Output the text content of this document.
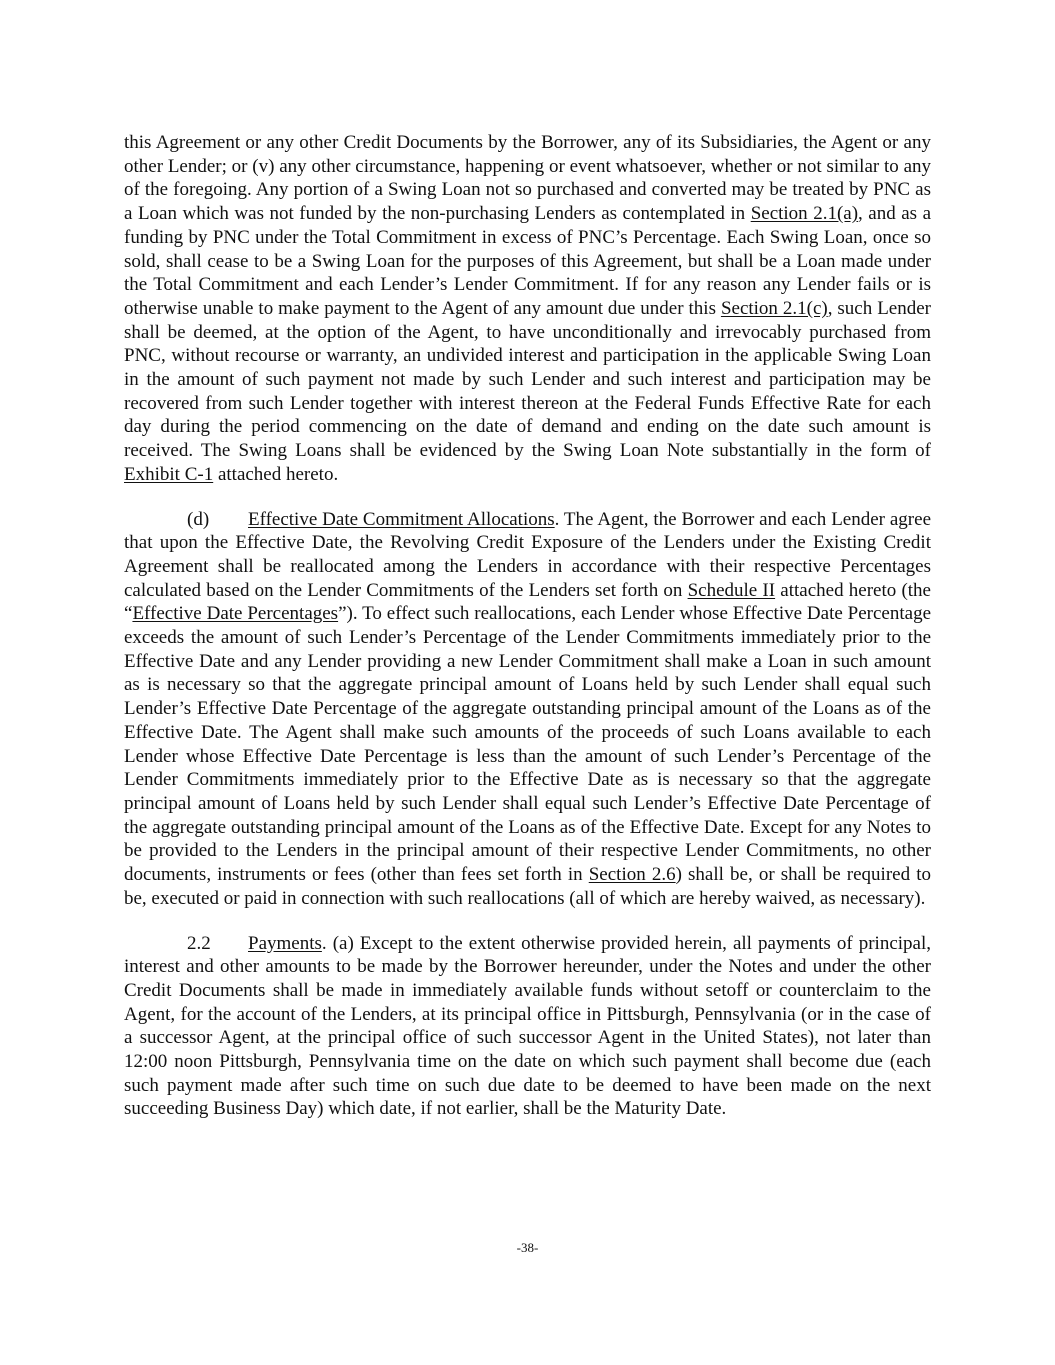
this Agreement or any other Credit Documents by the Borrower, any of its Subsidiaries, the Agent or any other Lender; or (v) any other circumstance, happening or event whatsoever, whether or not similar to any of the foregoing. Any portion of a Swing Loan not so purchased and converted may be treated by PNC as a Loan which was not funded by the non-purchasing Lenders as contemplated in Section 2.1(a), and as a funding by PNC under the Total Commitment in excess of PNC’s Percentage. Each Swing Loan, once so sold, shall cease to be a Swing Loan for the purposes of this Agreement, but shall be a Loan made under the Total Commitment and each Lender’s Lender Commitment. If for any reason any Lender fails or is otherwise unable to make payment to the Agent of any amount due under this Section 2.1(c), such Lender shall be deemed, at the option of the Agent, to have unconditionally and irrevocably purchased from PNC, without recourse or warranty, an undivided interest and participation in the applicable Swing Loan in the amount of such payment not made by such Lender and such interest and participation may be recovered from such Lender together with interest thereon at the Federal Funds Effective Rate for each day during the period commencing on the date of demand and ending on the date such amount is received. The Swing Loans shall be evidenced by the Swing Loan Note substantially in the form of Exhibit C-1 attached hereto.

(d) Effective Date Commitment Allocations. The Agent, the Borrower and each Lender agree that upon the Effective Date, the Revolving Credit Exposure of the Lenders under the Existing Credit Agreement shall be reallocated among the Lenders in accordance with their respective Percentages calculated based on the Lender Commitments of the Lenders set forth on Schedule II attached hereto (the “Effective Date Percentages”). To effect such reallocations, each Lender whose Effective Date Percentage exceeds the amount of such Lender’s Percentage of the Lender Commitments immediately prior to the Effective Date and any Lender providing a new Lender Commitment shall make a Loan in such amount as is necessary so that the aggregate principal amount of Loans held by such Lender shall equal such Lender’s Effective Date Percentage of the aggregate outstanding principal amount of the Loans as of the Effective Date. The Agent shall make such amounts of the proceeds of such Loans available to each Lender whose Effective Date Percentage is less than the amount of such Lender’s Percentage of the Lender Commitments immediately prior to the Effective Date as is necessary so that the aggregate principal amount of Loans held by such Lender shall equal such Lender’s Effective Date Percentage of the aggregate outstanding principal amount of the Loans as of the Effective Date. Except for any Notes to be provided to the Lenders in the principal amount of their respective Lender Commitments, no other documents, instruments or fees (other than fees set forth in Section 2.6) shall be, or shall be required to be, executed or paid in connection with such reallocations (all of which are hereby waived, as necessary).

2.2 Payments. (a) Except to the extent otherwise provided herein, all payments of principal, interest and other amounts to be made by the Borrower hereunder, under the Notes and under the other Credit Documents shall be made in immediately available funds without setoff or counterclaim to the Agent, for the account of the Lenders, at its principal office in Pittsburgh, Pennsylvania (or in the case of a successor Agent, at the principal office of such successor Agent in the United States), not later than 12:00 noon Pittsburgh, Pennsylvania time on the date on which such payment shall become due (each such payment made after such time on such due date to be deemed to have been made on the next succeeding Business Day) which date, if not earlier, shall be the Maturity Date.

-38-
